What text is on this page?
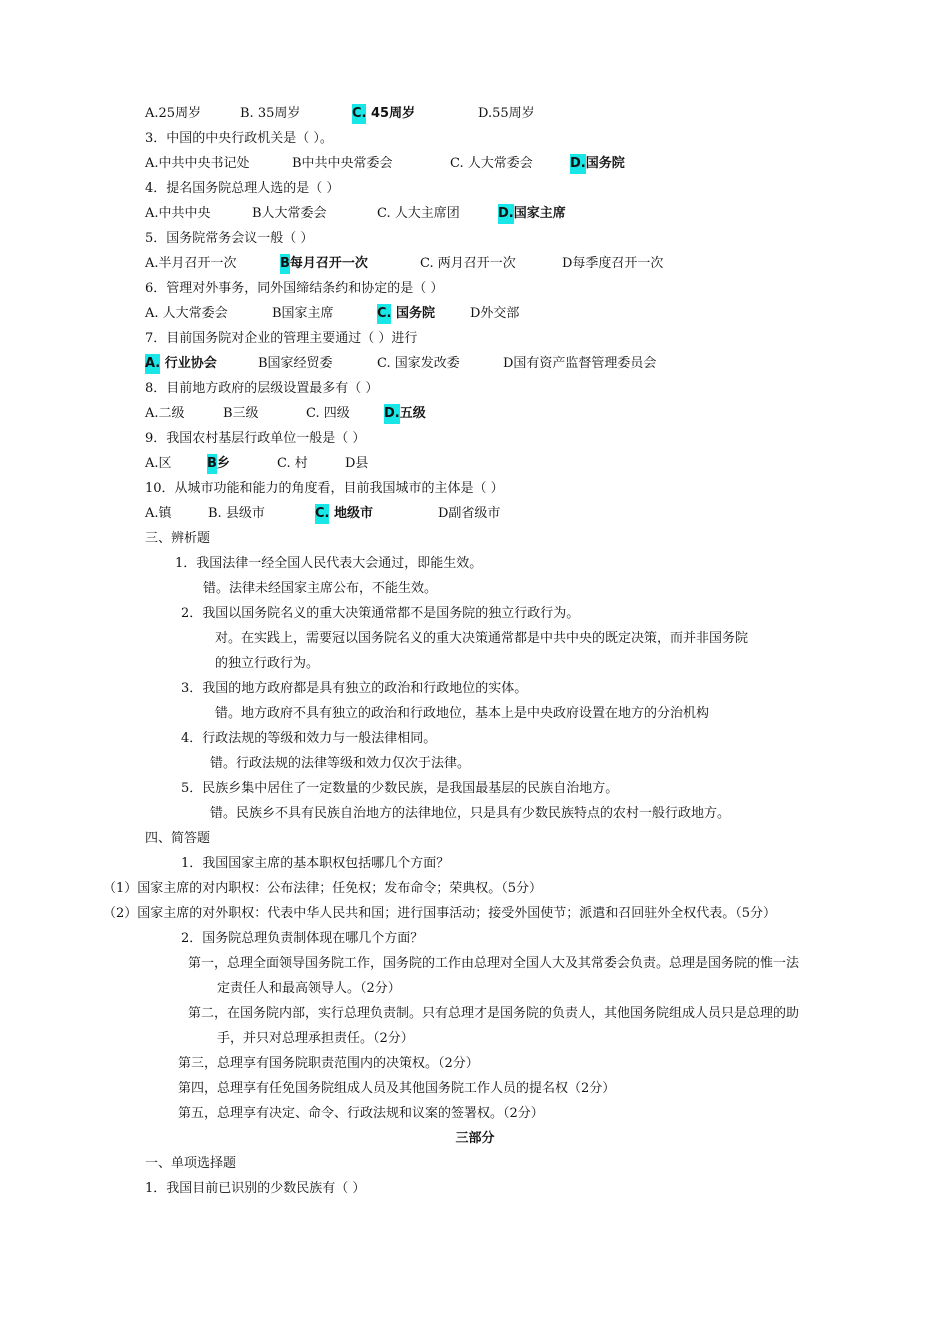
A.25周岁	B. 35周岁	C. 45周岁	D.55周岁
3．中国的中央行政机关是（ ）。
A.中共中央书记处	B中共中央常委会	C. 人大常委会	D.国务院
4．提名国务院总理人选的是（ ）
A.中共中央	B人大常委会	C. 人大主席团	D.国家主席
5．国务院常务会议一般（ ）
A.半月召开一次	B每月召开一次	C. 两月召开一次	D每季度召开一次
6．管理对外事务，同外国缔结条约和协定的是（ ）
A. 人大常委会	B国家主席	C. 国务院	D外交部
7．目前国务院对企业的管理主要通过（ ）进行
A. 行业协会	B国家经贸委	C. 国家发改委	D国有资产监督管理委员会
8．目前地方政府的层级设置最多有（ ）
A.二级	B三级	C. 四级	D.五级
9．我国农村基层行政单位一般是（ ）
A.区	B乡	C. 村	D县
10．从城市功能和能力的角度看，目前我国城市的主体是（ ）
A.镇	B. 县级市	C. 地级市	D副省级市
三、辨析题
1．我国法律一经全国人民代表大会通过，即能生效。
错。法律未经国家主席公布，不能生效。
2．我国以国务院名义的重大决策通常都不是国务院的独立行政行为。
对。在实践上，需要冠以国务院名义的重大决策通常都是中共中央的既定决策，而并非国务院
的独立行政行为。
3．我国的地方政府都是具有独立的政治和行政地位的实体。
错。地方政府不具有独立的政治和行政地位，基本上是中央政府设置在地方的分治机构
4．行政法规的等级和效力与一般法律相同。
错。行政法规的法律等级和效力仅次于法律。
5．民族乡集中居住了一定数量的少数民族，是我国最基层的民族自治地方。
错。民族乡不具有民族自治地方的法律地位，只是具有少数民族特点的农村一般行政地方。
四、简答题
1．我国国家主席的基本职权包括哪几个方面？
（1）国家主席的对内职权：公布法律；任免权；发布命令；荣典权。（5分）
（2）国家主席的对外职权：代表中华人民共和国；进行国事活动；接受外国使节；派遣和召回驻外全权代表。（5分）
2．国务院总理负责制体现在哪几个方面？
第一，总理全面领导国务院工作，国务院的工作由总理对全国人大及其常委会负责。总理是国务院的惟一法
定责任人和最高领导人。（2分）
第二，在国务院内部，实行总理负责制。只有总理才是国务院的负责人，其他国务院组成人员只是总理的助
手，并只对总理承担责任。（2分）
第三，总理享有国务院职责范围内的决策权。（2分）
第四，总理享有任免国务院组成人员及其他国务院工作人员的提名权（2分）
第五，总理享有决定、命令、行政法规和议案的签署权。（2分）
三部分
一、单项选择题
1．我国目前已识别的少数民族有（ ）
